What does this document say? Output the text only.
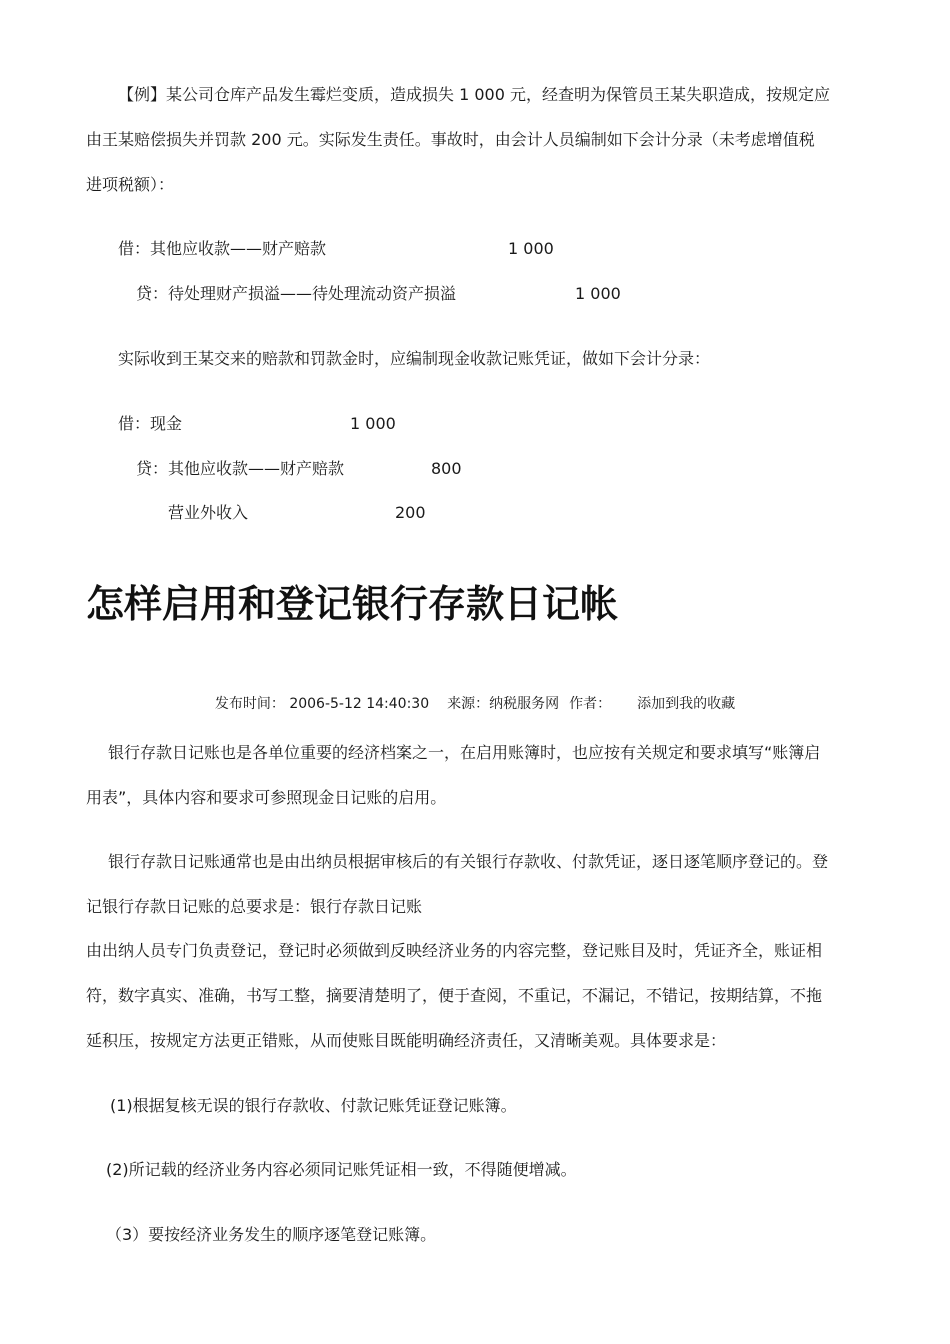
【例】某公司仓库产品发生霉烂变质，造成损失 1 000 元，经查明为保管员王某失职造成，按规定应
由王某赔偿损失并罚款 200 元。实际发生责任。事故时，由会计人员编制如下会计分录（未考虑增值税
进项税额）：
借：其他应收款——财产赔款	1 000
贷：待处理财产损溢——待处理流动资产损溢	1 000
实际收到王某交来的赔款和罚款金时，应编制现金收款记账凭证，做如下会计分录：
借：现金	1 000
贷：其他应收款——财产赔款	800
营业外收入	200
怎样启用和登记银行存款日记帐
发布时间： 2006-5-12 14:40:30 来源：纳税服务网 作者： 添加到我的收藏
银行存款日记账也是各单位重要的经济档案之一，在启用账簿时，也应按有关规定和要求填写“账簿启
用表”，具体内容和要求可参照现金日记账的启用。
银行存款日记账通常也是由出纳员根据审核后的有关银行存款收、付款凭证，逐日逐笔顺序登记的。登
记银行存款日记账的总要求是：银行存款日记账
由出纳人员专门负责登记，登记时必须做到反映经济业务的内容完整，登记账目及时，凭证齐全，账证相
符，数字真实、准确，书写工整，摘要清楚明了，便于查阅，不重记，不漏记，不错记，按期结算，不拖
延积压，按规定方法更正错账，从而使账目既能明确经济责任，又清晰美观。具体要求是：
(1)根据复核无误的银行存款收、付款记账凭证登记账簿。
(2)所记载的经济业务内容必须同记账凭证相一致，不得随便增减。
（3）要按经济业务发生的顺序逐笔登记账簿。
